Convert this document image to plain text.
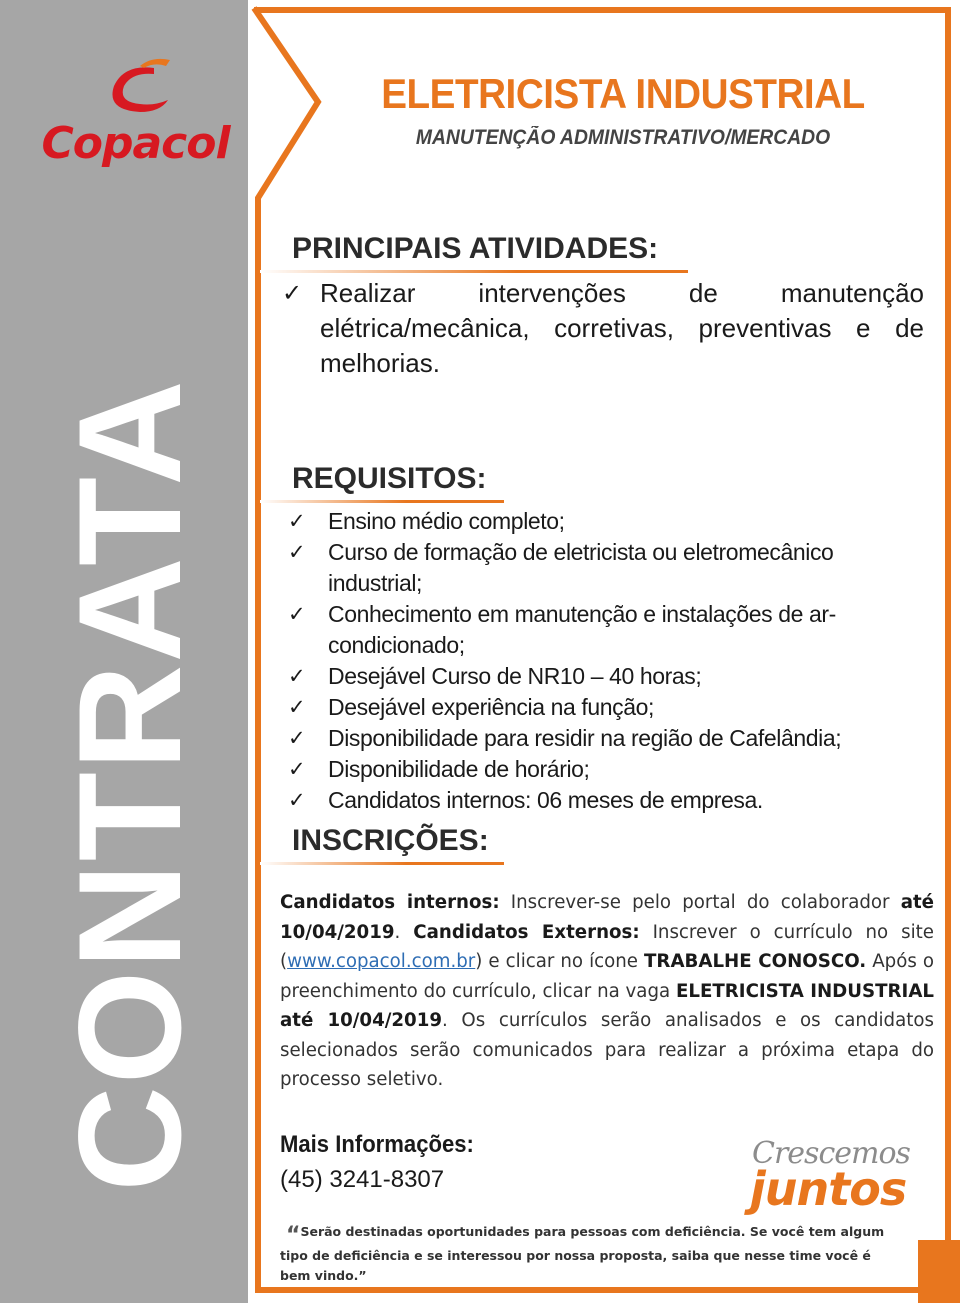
Copacol
CONTRATA
ELETRICISTA INDUSTRIAL
MANUTENÇÃO ADMINISTRATIVO/MERCADO
PRINCIPAIS ATIVIDADES:
✓ Realizar intervenções de manutenção elétrica/mecânica, corretivas, preventivas e de melhorias.
REQUISITOS:
✓ Ensino médio completo;
✓ Curso de formação de eletricista ou eletromecânico industrial;
✓ Conhecimento em manutenção e instalações de ar-condicionado;
✓ Desejável Curso de NR10 – 40 horas;
✓ Desejável experiência na função;
✓ Disponibilidade para residir na região de Cafelândia;
✓ Disponibilidade de horário;
✓ Candidatos internos: 06 meses de empresa.
INSCRIÇÕES:
Candidatos internos: Inscrever-se pelo portal do colaborador até 10/04/2019. Candidatos Externos: Inscrever o currículo no site (www.copacol.com.br) e clicar no ícone TRABALHE CONOSCO. Após o preenchimento do currículo, clicar na vaga ELETRICISTA INDUSTRIAL até 10/04/2019. Os currículos serão analisados e os candidatos selecionados serão comunicados para realizar a próxima etapa do processo seletivo.
Mais Informações:
(45) 3241-8307
Crescemos
juntos
“Serão destinadas oportunidades para pessoas com deficiência. Se você tem algum tipo de deficiência e se interessou por nossa proposta, saiba que nesse time você é bem vindo.”
